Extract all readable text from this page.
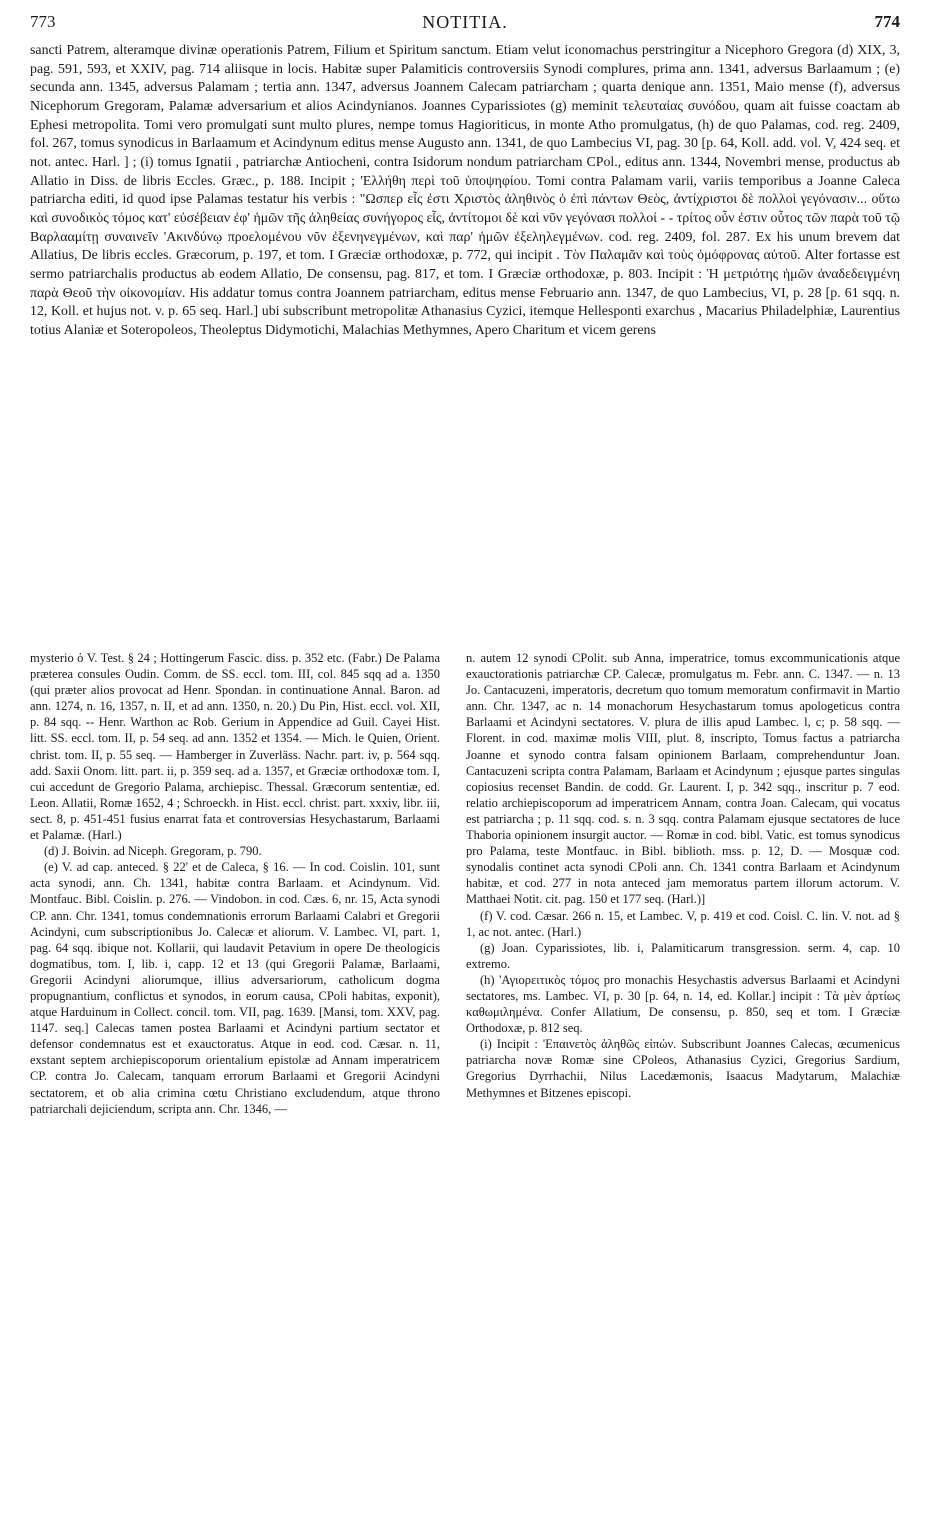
773	NOTITIA.	774

sancti Patrem, alteramque divinæ operationis Patrem, Filium et Spiritum sanctum. Etiam velut iconomachus perstringitur a Nicephoro Gregora (d) XIX, 3, pag. 591, 593, et XXIV, pag. 714 aliisque in locis. Habitæ super Palamiticis controversiis Synodi complures, prima ann. 1341, adversus Barlaamum ; (e) secunda ann. 1345, adversus Palamam ; tertia ann. 1347, adversus Joannem Calecam patriarcham ; quarta denique ann. 1351, Maio mense (f), adversus Nicephorum Gregoram, Palamæ adversarium et alios Acindynianos. Joannes Cyparissiotes (g) meminit τελευταίας συνόδου, quam ait fuisse coactam ab Ephesi metropolita. Tomi vero promulgati sunt multo plures, nempe tomus Hagioriticus, in monte Atho promulgatus, (h) de quo Palamas, cod. reg. 2409, fol. 267, tomus synodicus in Barlaamum et Acindynum editus mense Augusto ann. 1341, de quo Lambecius VI, pag. 30 [p. 64, Koll. add. vol. V, 424 seq. et not. antec. Harl. ] ; (i) tomus Ignatii , patriarchæ Antiocheni, contra Isidorum nondum patriarcham CPol., editus ann. 1344, Novembri mense, productus ab Allatio in Diss. de libris Eccles. Græc., p. 188. Incipit ; 'Ελλήθη περὶ τοῦ ὑποψηφίου. Tomi contra Palamam varii, variis temporibus a Joanne Caleca patriarcha editi, id quod ipse Palamas testatur his verbis : "Ωσπερ εἷς ἐστι Χριστὸς ἀληθινὸς ὁ ἐπὶ πάντων Θεὸς, ἀντίχριστοι δὲ πολλοὶ γεγόνασιν... οὕτω καὶ συνοδικὸς τόμος κατ' εὐσέβειαν ἐφ' ἡμῶν τῆς ἀληθείας συνήγορος εἷς, ἀντίτομοι δὲ καὶ νῦν γεγόνασι πολλοί - - τρίτος οὖν ἐστιν οὗτος τῶν παρὰ τοῦ τῷ Βαρλααμίτῃ συναινεῖν 'Ακινδύνῳ προελομένου νῦν ἐξενηνεγμένων, καὶ παρ' ἡμῶν ἐξεληλεγμένων. cod. reg. 2409, fol. 287. Ex his unum brevem dat Allatius, De libris eccles. Græcorum, p. 197, et tom. I Græciæ orthodoxæ, p. 772, qui incipit . Τὸν Παλαμᾶν καὶ τοὺς ὁμόφρονας αὐτοῦ. Alter fortasse est sermo patriarchalis productus ab eodem Allatio, De consensu, pag. 817, et tom. I Græciæ orthodoxæ, p. 803. Incipit : Ἡ μετριότης ἡμῶν ἀναδεδειγμένη παρὰ Θεοῦ τὴν οἰκονομίαν. His addatur tomus contra Joannem patriarcham, editus mense Februario ann. 1347, de quo Lambecius, VI, p. 28 [p. 61 sqq. n. 12, Koll. et hujus not. v. p. 65 seq. Harl.] ubi subscribunt metropolitæ Athanasius Cyzici, itemque Hellesponti exarchus , Macarius Philadelphiæ, Laurentius totius Alaniæ et Soteropoleos, Theoleptus Didymotichi, Malachias Methymnes, Apero Charitum et vicem gerens

mysterio ὁ V. Test. § 24 ; Hottingerum Fascic. diss. p. 352 etc. (Fabr.) De Palama præterea consules Oudin. Comm. de SS. eccl. tom. III, col. 845 sqq ad a. 1350 (qui præter alios provocat ad Henr. Spondan. in continuatione Annal. Baron. ad ann. 1274, n. 16, 1357, n. II, et ad ann. 1350, n. 20.) Du Pin, Hist. eccl. vol. XII, p. 84 sqq. -- Henr. Warthon ac Rob. Gerium in Appendice ad Guil. Cayei Hist. litt. SS. eccl. tom. II, p. 54 seq. ad ann. 1352 et 1354. — Mich. le Quien, Orient. christ. tom. II, p. 55 seq. — Hamberger in Zuverläss. Nachr. part. iv, p. 564 sqq. add. Saxii Onom. litt. part. ii, p. 359 seq. ad a. 1357, et Græciæ orthodoxæ tom. I, cui accedunt de Gregorio Palama, archiepisc. Thessal. Græcorum sententiæ, ed. Leon. Allatii, Romæ 1652, 4 ; Schroeckh. in Hist. eccl. christ. part. xxxiv, libr. iii, sect. 8, p. 451-451 fusius enarrat fata et controversias Hesychastarum, Barlaami et Palamæ. (Harl.)

(d) J. Boivin. ad Niceph. Gregoram, p. 790.

(e) V. ad cap. anteced. § 22' et de Caleca, § 16. — In cod. Coislin. 101, sunt acta synodi, ann. Ch. 1341, habitæ contra Barlaam. et Acindynum. Vid. Montfauc. Bibl. Coislin. p. 276. — Vindobon. in cod. Cæs. 6, nr. 15, Acta synodi CP. ann. Chr. 1341, tomus condemnationis errorum Barlaami Calabri et Gregorii Acindyni, cum subscriptionibus Jo. Calecæ et aliorum. V. Lambec. VI, part. 1, pag. 64 sqq. ibique not. Kollarii, qui laudavit Petavium in opere De theologicis dogmatibus, tom. I, lib. i, capp. 12 et 13 (qui Gregorii Palamæ, Barlaami, Gregorii Acindyni aliorumque, illius adversariorum, catholicum dogma propugnantium, conflictus et synodos, in eorum causa, CPoli habitas, exponit), atque Harduinum in Collect. concil. tom. VII, pag. 1639. [Mansi, tom. XXV, pag. 1147. seq.] Calecas tamen postea Barlaami et Acindyni partium sectator et defensor condemnatus est et exauctoratus. Atque in eod. cod. Cæsar. n. 11, exstant septem archiepiscoporum orientalium epistolæ ad Annam imperatricem CP. contra Jo. Calecam, tanquam errorum Barlaami et Gregorii Acindyni sectatorem, et ob alia crimina cœtu Christiano excludendum, atque throno patriarchali dejiciendum, scripta ann. Chr. 1346, —

n. autem 12 synodi CPolit. sub Anna, imperatrice, tomus excommunicationis atque exauctorationis patriarchæ CP. Calecæ, promulgatus m. Febr. ann. C. 1347. — n. 13 Jo. Cantacuzeni, imperatoris, decretum quo tomum memoratum confirmavit in Martio ann. Chr. 1347, ac n. 14 monachorum Hesychastarum tomus apologeticus contra Barlaami et Acindyni sectatores. V. plura de illis apud Lambec. l, c; p. 58 sqq. — Florent. in cod. maximæ molis VIII, plut. 8, inscripto, Tomus factus a patriarcha Joanne et synodo contra falsam opinionem Barlaam, comprehenduntur Joan. Cantacuzeni scripta contra Palamam, Barlaam et Acindynum ; ejusque partes singulas copiosius recenset Bandin. de codd. Gr. Laurent. I, p. 342 sqq., inscritur p. 7 eod. relatio archiepiscoporum ad imperatricem Annam, contra Joan. Calecam, qui vocatus est patriarcha ; p. 11 sqq. cod. s. n. 3 sqq. contra Palamam ejusque sectatores de luce Thaboria opinionem insurgit auctor. — Romæ in cod. bibl. Vatic. est tomus synodicus pro Palama, teste Montfauc. in Bibl. biblioth. mss. p. 12, D. — Mosquæ cod. synodalis continet acta synodi CPoli ann. Ch. 1341 contra Barlaam et Acindynum habitæ, et cod. 277 in nota anteced jam memoratus partem illorum actorum. V. Matthaei Notit. cit. pag. 150 et 177 seq. (Harl.)]

(f) V. cod. Cæsar. 266 n. 15, et Lambec. V, p. 419 et cod. Coisl. C. lin. V. not. ad § 1, ac not. antec. (Harl.)

(g) Joan. Cyparissiotes, lib. i, Palamiticarum transgression. serm. 4, cap. 10 extremo.

(h) 'Αγιορειτικὸς τόμος pro monachis Hesychastis adversus Barlaami et Acindyni sectatores, ms. Lambec. VI, p. 30 [p. 64, n. 14, ed. Kollar.] incipit : Τὰ μὲν ἀρτίως καθωμιλημένα. Confer Allatium, De consensu, p. 850, seq et tom. I Græciæ Orthodoxæ, p. 812 seq.

(i) Incipit : 'Επαινετὸς ἀληθῶς εἰπών. Subscribunt Joannes Calecas, œcumenicus patriarcha novæ Romæ sine CPoleos, Athanasius Cyzici, Gregorius Sardium, Gregorius Dyrrhachii, Nilus Lacedæmonis, Isaacus Madytarum, Malachiæ Methymnes et Bitzenes episcopi.
